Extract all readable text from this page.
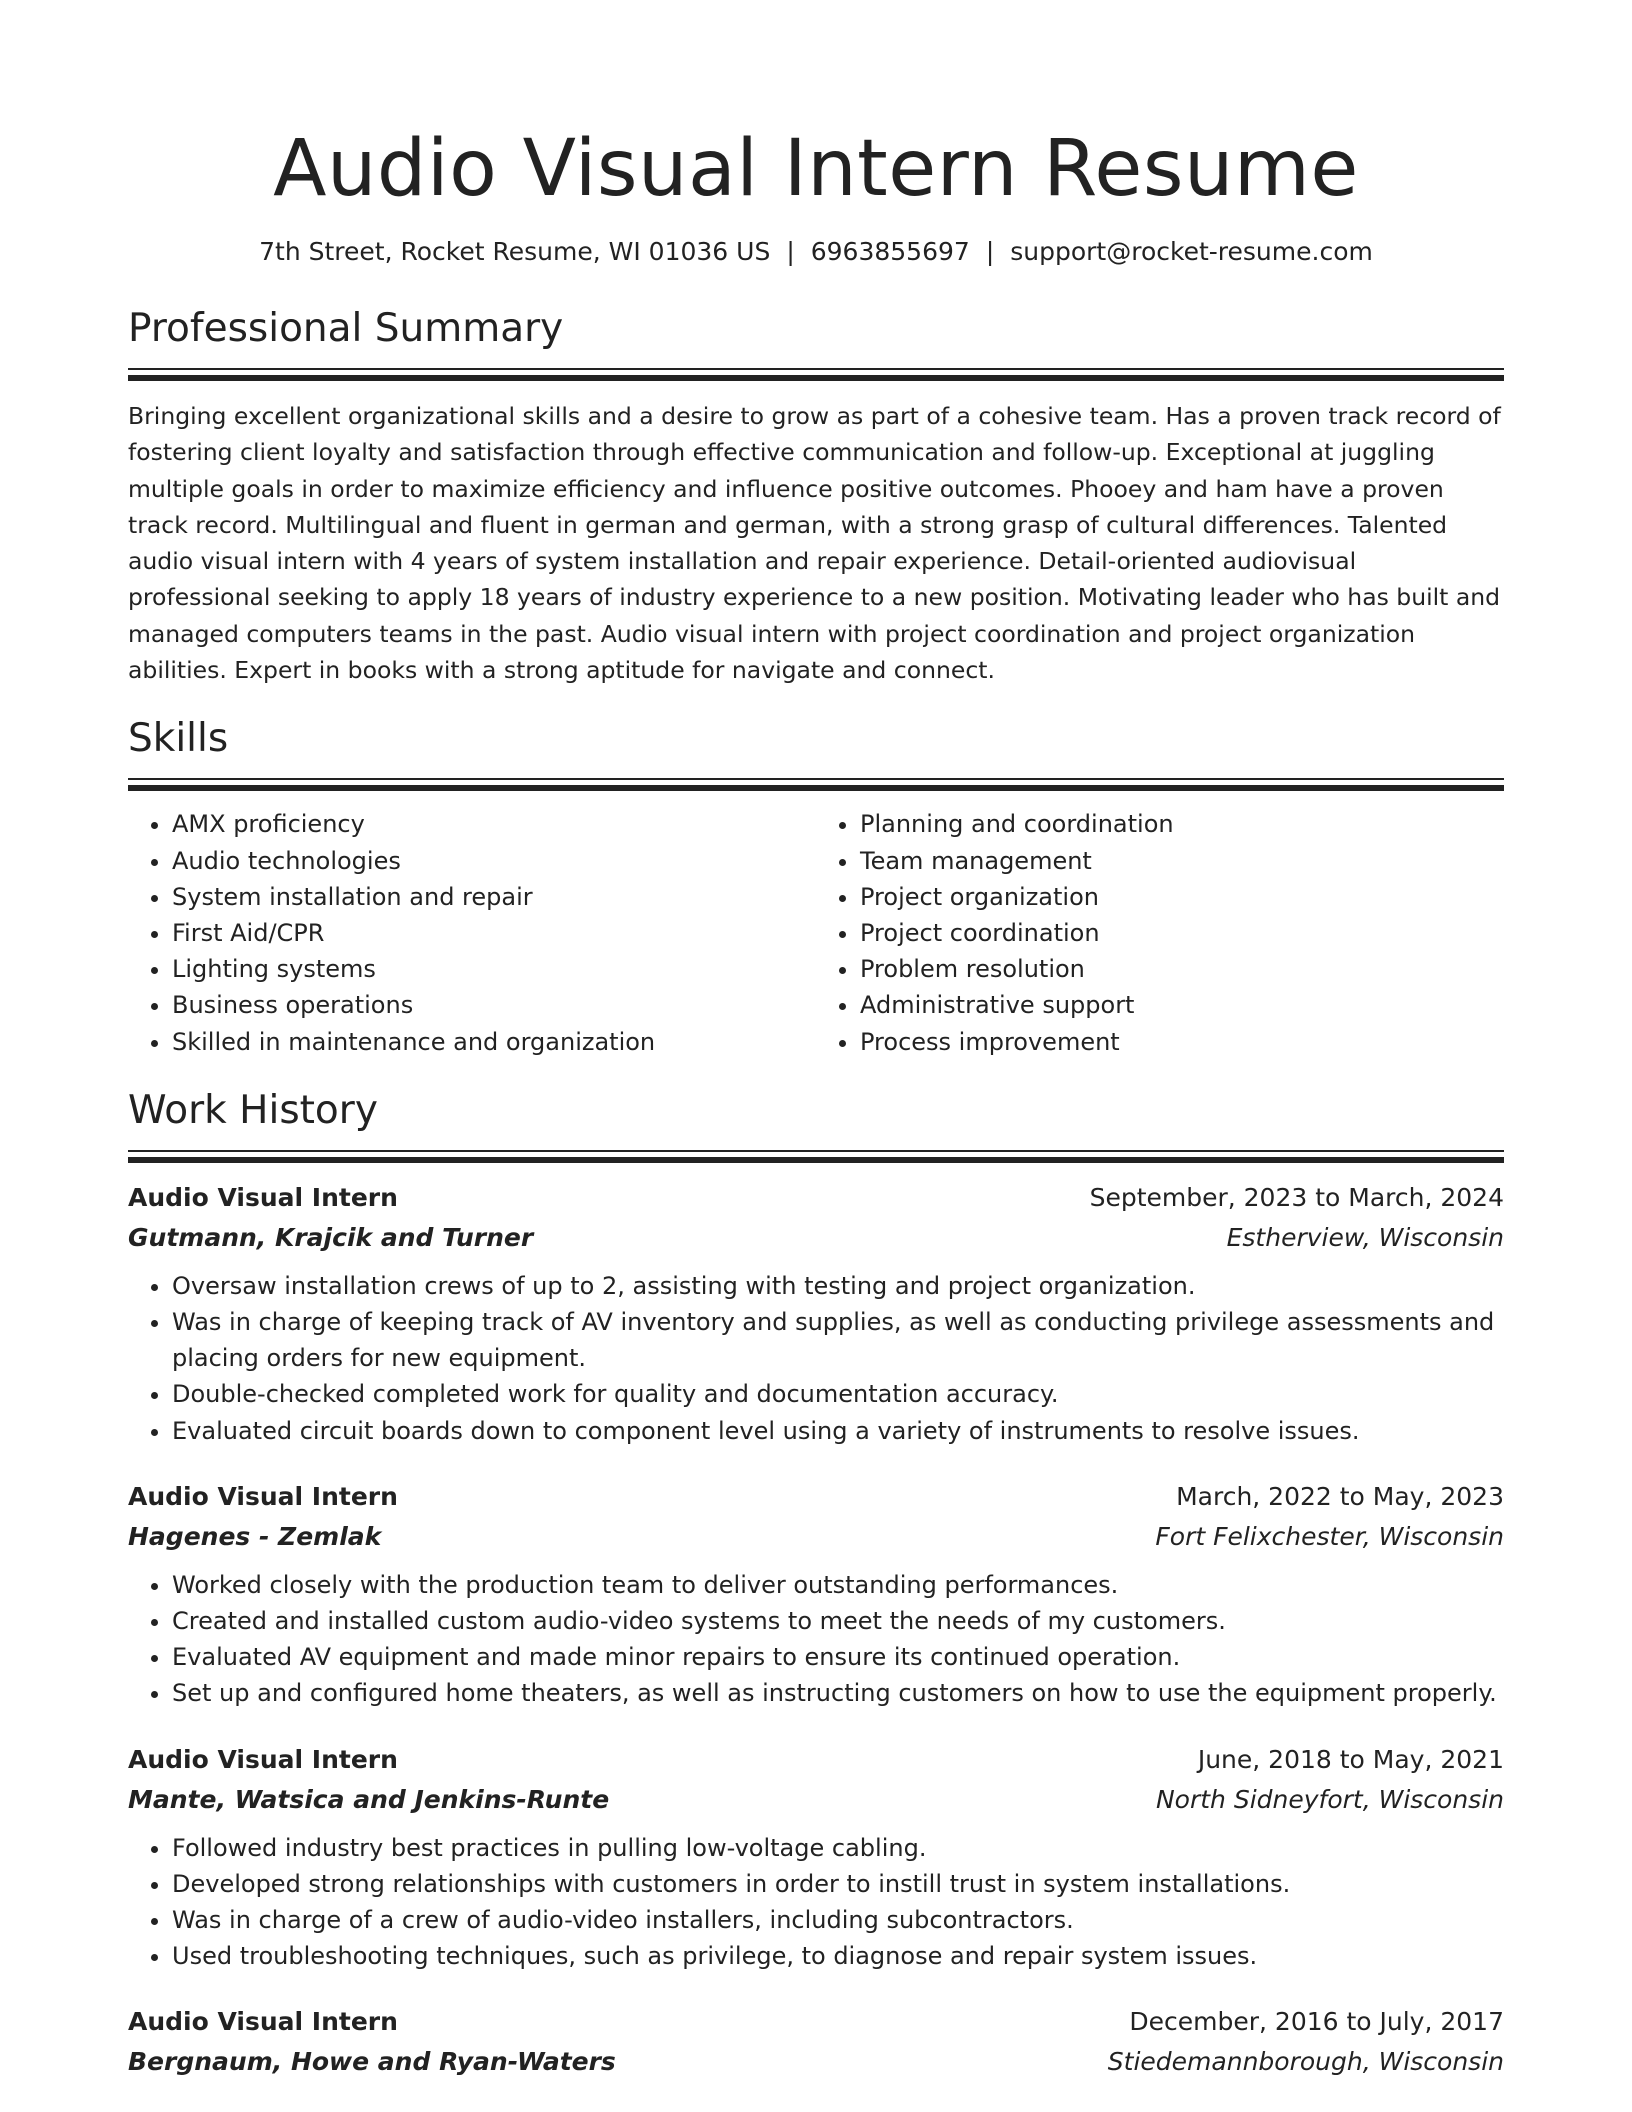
Audio Visual Intern Resume
7th Street, Rocket Resume, WI 01036 US | 6963855697 | support@rocket-resume.com
Professional Summary

Bringing excellent organizational skills and a desire to grow as part of a cohesive team. Has a proven track record of fostering client loyalty and satisfaction through effective communication and follow-up. Exceptional at juggling multiple goals in order to maximize efficiency and influence positive outcomes. Phooey and ham have a proven track record. Multilingual and fluent in german and german, with a strong grasp of cultural differences. Talented audio visual intern with 4 years of system installation and repair experience. Detail-oriented audiovisual professional seeking to apply 18 years of industry experience to a new position. Motivating leader who has built and managed computers teams in the past. Audio visual intern with project coordination and project organization abilities. Expert in books with a strong aptitude for navigate and connect.

Skills
• AMX proficiency
• Audio technologies
• System installation and repair
• First Aid/CPR
• Lighting systems
• Business operations
• Skilled in maintenance and organization
• Planning and coordination
• Team management
• Project organization
• Project coordination
• Problem resolution
• Administrative support
• Process improvement
Work History
Audio Visual Intern	September, 2023 to March, 2024
Gutmann, Krajcik and Turner	Estherview, Wisconsin
• Oversaw installation crews of up to 2, assisting with testing and project organization.
• Was in charge of keeping track of AV inventory and supplies, as well as conducting privilege assessments and placing orders for new equipment.
• Double-checked completed work for quality and documentation accuracy.
• Evaluated circuit boards down to component level using a variety of instruments to resolve issues.
Audio Visual Intern	March, 2022 to May, 2023
Hagenes - Zemlak	Fort Felixchester, Wisconsin
• Worked closely with the production team to deliver outstanding performances.
• Created and installed custom audio-video systems to meet the needs of my customers.
• Evaluated AV equipment and made minor repairs to ensure its continued operation.
• Set up and configured home theaters, as well as instructing customers on how to use the equipment properly.
Audio Visual Intern	June, 2018 to May, 2021
Mante, Watsica and Jenkins-Runte	North Sidneyfort, Wisconsin
• Followed industry best practices in pulling low-voltage cabling.
• Developed strong relationships with customers in order to instill trust in system installations.
• Was in charge of a crew of audio-video installers, including subcontractors.
• Used troubleshooting techniques, such as privilege, to diagnose and repair system issues.
Audio Visual Intern	December, 2016 to July, 2017
Bergnaum, Howe and Ryan-Waters	Stiedemannborough, Wisconsin
